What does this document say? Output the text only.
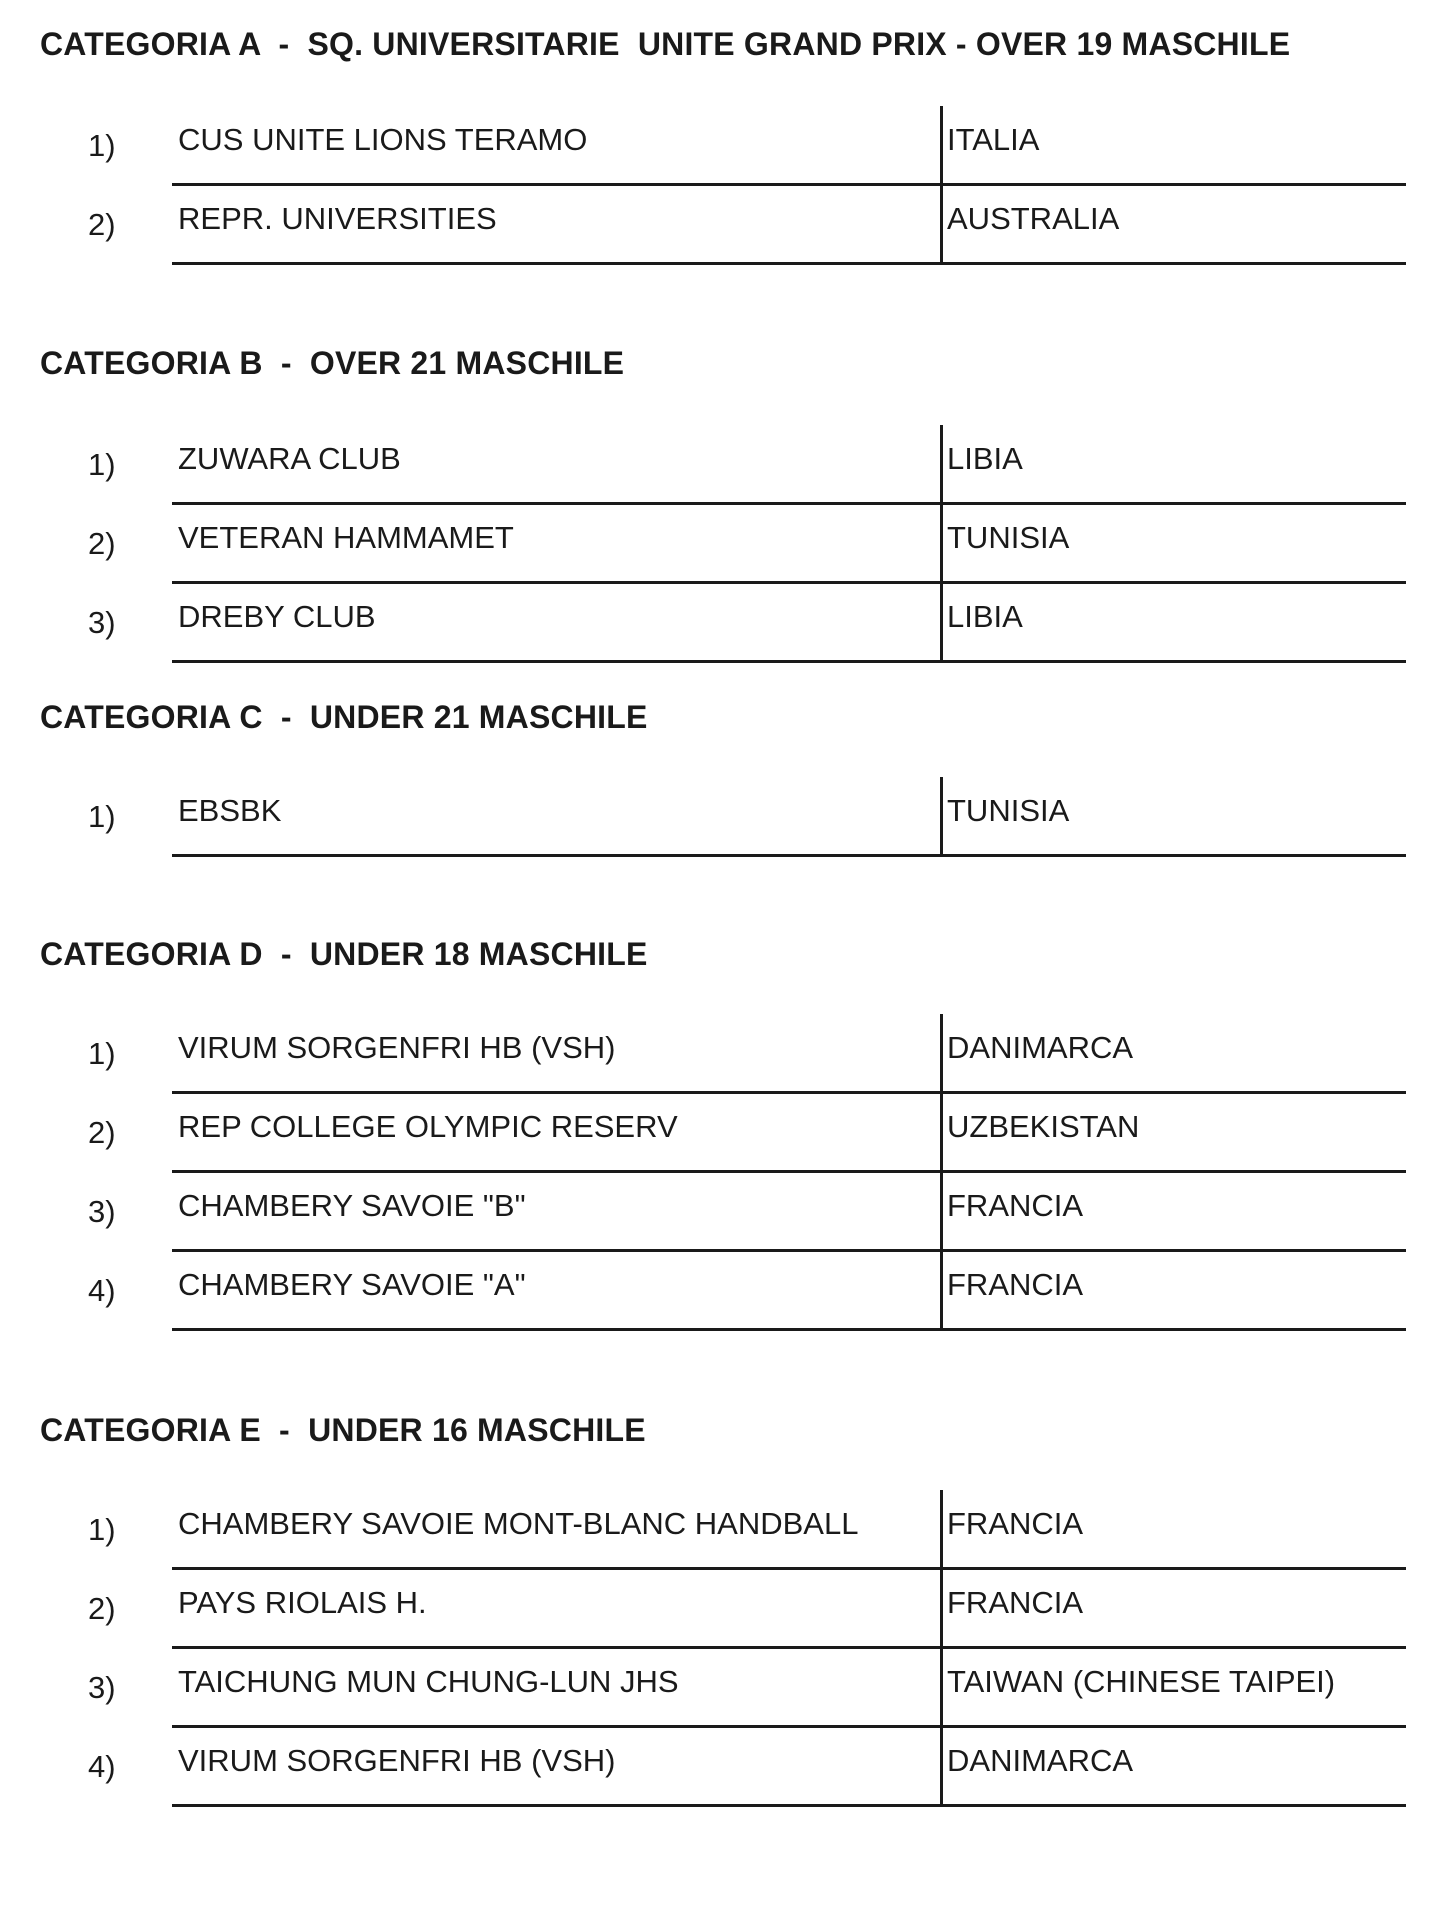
CATEGORIA A  -  SQ. UNIVERSITARIE  UNITE GRAND PRIX - OVER 19 MASCHILE
1)	CUS UNITE LIONS TERAMO	ITALIA
2)	REPR. UNIVERSITIES	AUSTRALIA
CATEGORIA B  -  OVER 21 MASCHILE
1)	ZUWARA CLUB	LIBIA
2)	VETERAN HAMMAMET	TUNISIA
3)	DREBY CLUB	LIBIA
CATEGORIA C  -  UNDER 21 MASCHILE
1)	EBSBK	TUNISIA
CATEGORIA D  -  UNDER 18 MASCHILE
1)	VIRUM SORGENFRI HB (VSH)	DANIMARCA
2)	REP COLLEGE OLYMPIC RESERV	UZBEKISTAN
3)	CHAMBERY SAVOIE "B"	FRANCIA
4)	CHAMBERY SAVOIE "A"	FRANCIA
CATEGORIA E  -  UNDER 16 MASCHILE
1)	CHAMBERY SAVOIE MONT-BLANC HANDBALL	FRANCIA
2)	PAYS RIOLAIS H.	FRANCIA
3)	TAICHUNG MUN CHUNG-LUN JHS	TAIWAN (CHINESE TAIPEI)
4)	VIRUM SORGENFRI HB (VSH)	DANIMARCA
